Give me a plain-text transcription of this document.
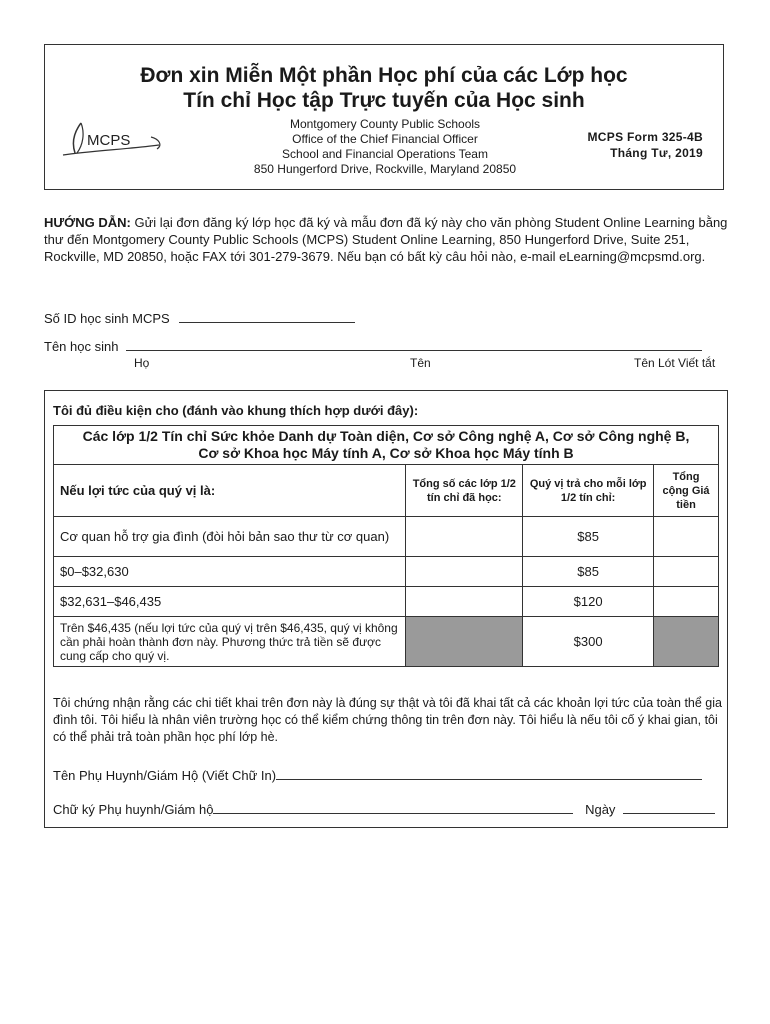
Đơn xin Miễn Một phần Học phí của các Lớp học
Tín chỉ Học tập Trực tuyến của Học sinh
MCPS
Montgomery County Public Schools
Office of the Chief Financial Officer
School and Financial Operations Team
850 Hungerford Drive, Rockville, Maryland 20850
MCPS Form 325-4B
Tháng Tư, 2019
HƯỚNG DẪN: Gửi lại đơn đăng ký lớp học đã ký và mẫu đơn đã ký này cho văn phòng Student Online Learning bằng thư đến Montgomery County Public Schools (MCPS) Student Online Learning, 850 Hungerford Drive, Suite 251, Rockville, MD 20850, hoặc FAX tới 301-279-3679. Nếu bạn có bất kỳ câu hỏi nào, e-mail eLearning@mcpsmd.org.
Số ID học sinh MCPS
Tên học sinh
Họ	Tên	Tên Lót Viết tắt
Tôi đủ điều kiện cho (đánh vào khung thích hợp dưới đây):
Các lớp 1/2 Tín chỉ Sức khỏe Danh dự Toàn diện, Cơ sở Công nghệ A, Cơ sở Công nghệ B,
Cơ sở Khoa học Máy tính A, Cơ sở Khoa học Máy tính B			

Nếu lợi tức của quý vị là:	Tổng số các lớp 1/2 tín chỉ đã học:	Quý vị trả cho mỗi lớp 1/2 tín chỉ:	Tổng cộng Giá tiền
Cơ quan hỗ trợ gia đình (đòi hỏi bản sao thư từ cơ quan)		$85	
$0–$32,630		$85	
$32,631–$46,435		$120	
Trên $46,435 (nếu lợi tức của quý vị trên $46,435, quý vị không cần phải hoàn thành đơn này. Phương thức trả tiền sẽ được cung cấp cho quý vị.		$300	
Tôi chứng nhận rằng các chi tiết khai trên đơn này là đúng sự thật và tôi đã khai tất cả các khoản lợi tức của toàn thể gia đình tôi. Tôi hiểu là nhân viên trường học có thể kiểm chứng thông tin trên đơn này. Tôi hiểu là nếu tôi cố ý khai gian, tôi có thể phải trả toàn phần học phí lớp hè.
Tên Phụ Huynh/Giám Hộ (Viết Chữ In)
Chữ ký Phụ huynh/Giám hộ	Ngày
